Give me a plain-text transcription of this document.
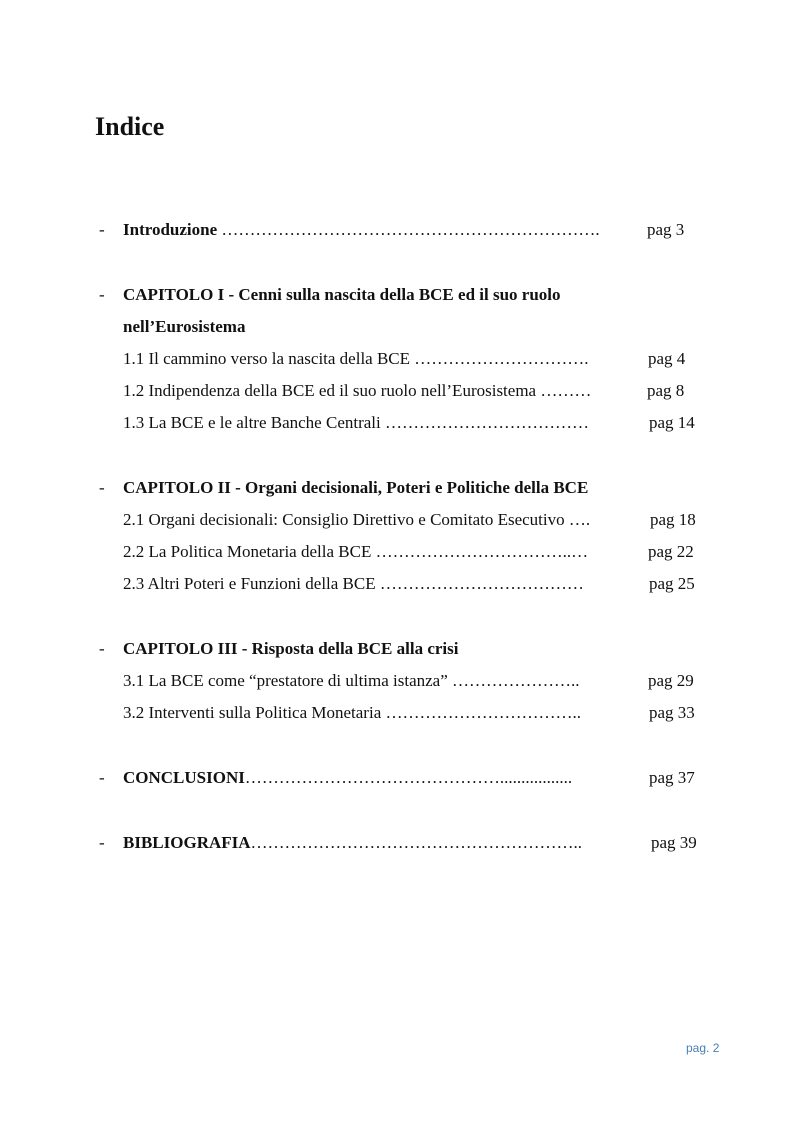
Indice
- Introduzione ………………………………………………………….	pag 3
- CAPITOLO I - Cenni sulla nascita della BCE ed il suo ruolo
nell’Eurosistema
1.1 Il cammino verso la nascita della BCE ………………………….	pag 4
1.2 Indipendenza della BCE ed il suo ruolo nell’Eurosistema ………	pag 8
1.3 La BCE e le altre Banche Centrali ………………………………	pag 14
- CAPITOLO II - Organi decisionali, Poteri e Politiche della BCE
2.1 Organi decisionali: Consiglio Direttivo e Comitato Esecutivo ….	pag 18
2.2 La Politica Monetaria della BCE ……………………………..…	pag 22
2.3 Altri Poteri e Funzioni della BCE ………………………………	pag 25
- CAPITOLO III - Risposta della BCE alla crisi
3.1 La BCE come “prestatore di ultima istanza” …………………..	pag 29
3.2 Interventi sulla Politica Monetaria ……………………………..	pag 33
- CONCLUSIONI……………………………………….................	pag 37
- BIBLIOGRAFIA…………………………………………………..	pag 39
pag. 2
